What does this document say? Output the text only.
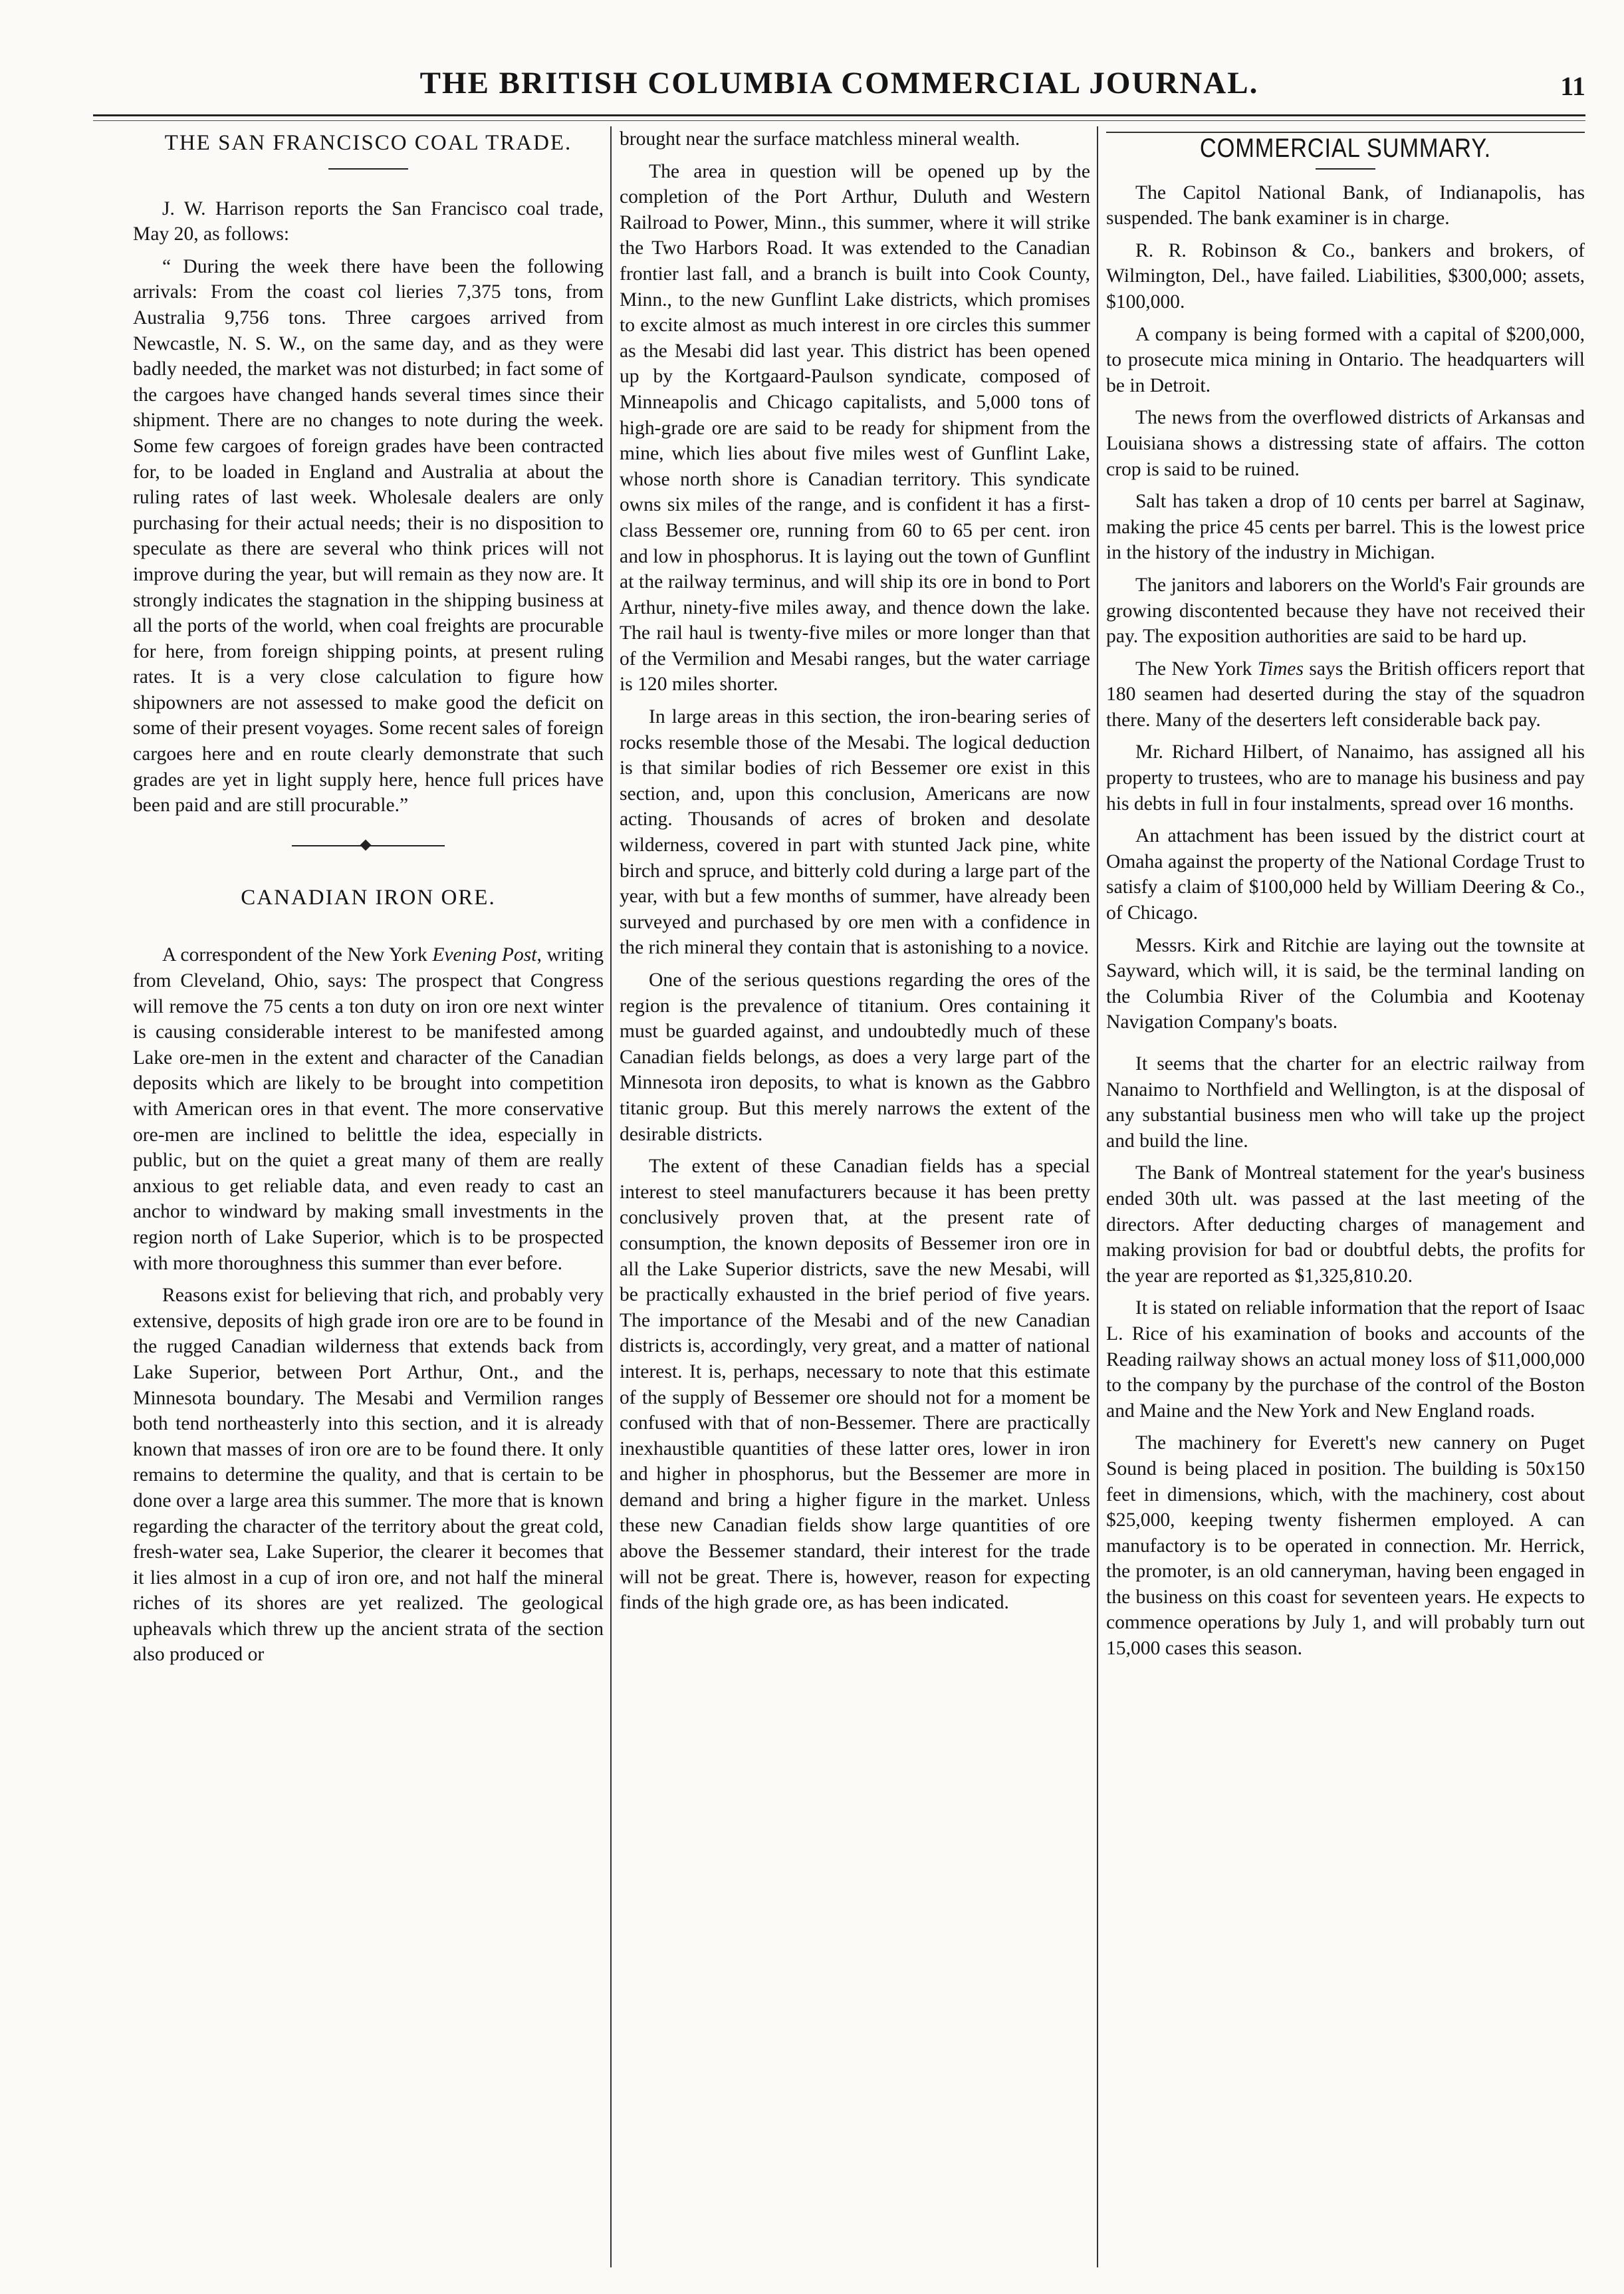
THE BRITISH COLUMBIA COMMERCIAL JOURNAL.	11
THE SAN FRANCISCO COAL TRADE.

J. W. Harrison reports the San Francisco coal trade, May 20, as follows:

“ During the week there have been the following arrivals: From the coast col lieries 7,375 tons, from Australia 9,756 tons. Three cargoes arrived from Newcastle, N. S. W., on the same day, and as they were badly needed, the market was not disturbed; in fact some of the cargoes have changed hands several times since their shipment. There are no changes to note during the week. Some few cargoes of foreign grades have been contracted for, to be loaded in England and Australia at about the ruling rates of last week. Wholesale dealers are only purchasing for their actual needs; their is no disposition to speculate as there are several who think prices will not improve during the year, but will remain as they now are. It strongly indicates the stagnation in the shipping business at all the ports of the world, when coal freights are procurable for here, from foreign shipping points, at present ruling rates. It is a very close calculation to figure how shipowners are not assessed to make good the deficit on some of their present voyages. Some recent sales of foreign cargoes here and en route clearly demonstrate that such grades are yet in light supply here, hence full prices have been paid and are still procurable.”

CANADIAN IRON ORE.

A correspondent of the New York Evening Post, writing from Cleveland, Ohio, says: The prospect that Congress will remove the 75 cents a ton duty on iron ore next winter is causing considerable interest to be manifested among Lake ore-men in the extent and character of the Canadian deposits which are likely to be brought into competition with American ores in that event. The more conservative ore-men are inclined to belittle the idea, especially in public, but on the quiet a great many of them are really anxious to get reliable data, and even ready to cast an anchor to windward by making small investments in the region north of Lake Superior, which is to be prospected with more thoroughness this summer than ever before.

Reasons exist for believing that rich, and probably very extensive, deposits of high grade iron ore are to be found in the rugged Canadian wilderness that extends back from Lake Superior, between Port Arthur, Ont., and the Minnesota boundary. The Mesabi and Vermilion ranges both tend northeasterly into this section, and it is already known that masses of iron ore are to be found there. It only remains to determine the quality, and that is certain to be done over a large area this summer. The more that is known regarding the character of the territory about the great cold, fresh-water sea, Lake Superior, the clearer it becomes that it lies almost in a cup of iron ore, and not half the mineral riches of its shores are yet realized. The geological upheavals which threw up the ancient strata of the section also produced or

brought near the surface matchless mineral wealth.

The area in question will be opened up by the completion of the Port Arthur, Duluth and Western Railroad to Power, Minn., this summer, where it will strike the Two Harbors Road. It was extended to the Canadian frontier last fall, and a branch is built into Cook County, Minn., to the new Gunflint Lake districts, which promises to excite almost as much interest in ore circles this summer as the Mesabi did last year. This district has been opened up by the Kortgaard-Paulson syndicate, composed of Minneapolis and Chicago capitalists, and 5,000 tons of high-grade ore are said to be ready for shipment from the mine, which lies about five miles west of Gunflint Lake, whose north shore is Canadian territory. This syndicate owns six miles of the range, and is confident it has a first-class Bessemer ore, running from 60 to 65 per cent. iron and low in phosphorus. It is laying out the town of Gunflint at the railway terminus, and will ship its ore in bond to Port Arthur, ninety-five miles away, and thence down the lake. The rail haul is twenty-five miles or more longer than that of the Vermilion and Mesabi ranges, but the water carriage is 120 miles shorter.

In large areas in this section, the iron-bearing series of rocks resemble those of the Mesabi. The logical deduction is that similar bodies of rich Bessemer ore exist in this section, and, upon this conclusion, Americans are now acting. Thousands of acres of broken and desolate wilderness, covered in part with stunted Jack pine, white birch and spruce, and bitterly cold during a large part of the year, with but a few months of summer, have already been surveyed and purchased by ore men with a confidence in the rich mineral they contain that is astonishing to a novice.

One of the serious questions regarding the ores of the region is the prevalence of titanium. Ores containing it must be guarded against, and undoubtedly much of these Canadian fields belongs, as does a very large part of the Minnesota iron deposits, to what is known as the Gabbro titanic group. But this merely narrows the extent of the desirable districts.

The extent of these Canadian fields has a special interest to steel manufacturers because it has been pretty conclusively proven that, at the present rate of consumption, the known deposits of Bessemer iron ore in all the Lake Superior districts, save the new Mesabi, will be practically exhausted in the brief period of five years. The importance of the Mesabi and of the new Canadian districts is, accordingly, very great, and a matter of national interest. It is, perhaps, necessary to note that this estimate of the supply of Bessemer ore should not for a moment be confused with that of non-Bessemer. There are practically inexhaustible quantities of these latter ores, lower in iron and higher in phosphorus, but the Bessemer are more in demand and bring a higher figure in the market. Unless these new Canadian fields show large quantities of ore above the Bessemer standard, their interest for the trade will not be great. There is, however, reason for expecting finds of the high grade ore, as has been indicated.

COMMERCIAL SUMMARY.

The Capitol National Bank, of Indianapolis, has suspended. The bank examiner is in charge.

R. R. Robinson & Co., bankers and brokers, of Wilmington, Del., have failed. Liabilities, $300,000; assets, $100,000.

A company is being formed with a capital of $200,000, to prosecute mica mining in Ontario. The headquarters will be in Detroit.

The news from the overflowed districts of Arkansas and Louisiana shows a distressing state of affairs. The cotton crop is said to be ruined.

Salt has taken a drop of 10 cents per barrel at Saginaw, making the price 45 cents per barrel. This is the lowest price in the history of the industry in Michigan.

The janitors and laborers on the World's Fair grounds are growing discontented because they have not received their pay. The exposition authorities are said to be hard up.

The New York Times says the British officers report that 180 seamen had deserted during the stay of the squadron there. Many of the deserters left considerable back pay.

Mr. Richard Hilbert, of Nanaimo, has assigned all his property to trustees, who are to manage his business and pay his debts in full in four instalments, spread over 16 months.

An attachment has been issued by the district court at Omaha against the property of the National Cordage Trust to satisfy a claim of $100,000 held by William Deering & Co., of Chicago.

Messrs. Kirk and Ritchie are laying out the townsite at Sayward, which will, it is said, be the terminal landing on the Columbia River of the Columbia and Kootenay Navigation Company's boats.

It seems that the charter for an electric railway from Nanaimo to Northfield and Wellington, is at the disposal of any substantial business men who will take up the project and build the line.

The Bank of Montreal statement for the year's business ended 30th ult. was passed at the last meeting of the directors. After deducting charges of management and making provision for bad or doubtful debts, the profits for the year are reported as $1,325,810.20.

It is stated on reliable information that the report of Isaac L. Rice of his examination of books and accounts of the Reading railway shows an actual money loss of $11,000,000 to the company by the purchase of the control of the Boston and Maine and the New York and New England roads.

The machinery for Everett's new cannery on Puget Sound is being placed in position. The building is 50x150 feet in dimensions, which, with the machinery, cost about $25,000, keeping twenty fishermen employed. A can manufactory is to be operated in connection. Mr. Herrick, the promoter, is an old canneryman, having been engaged in the business on this coast for seventeen years. He expects to commence operations by July 1, and will probably turn out 15,000 cases this season.
